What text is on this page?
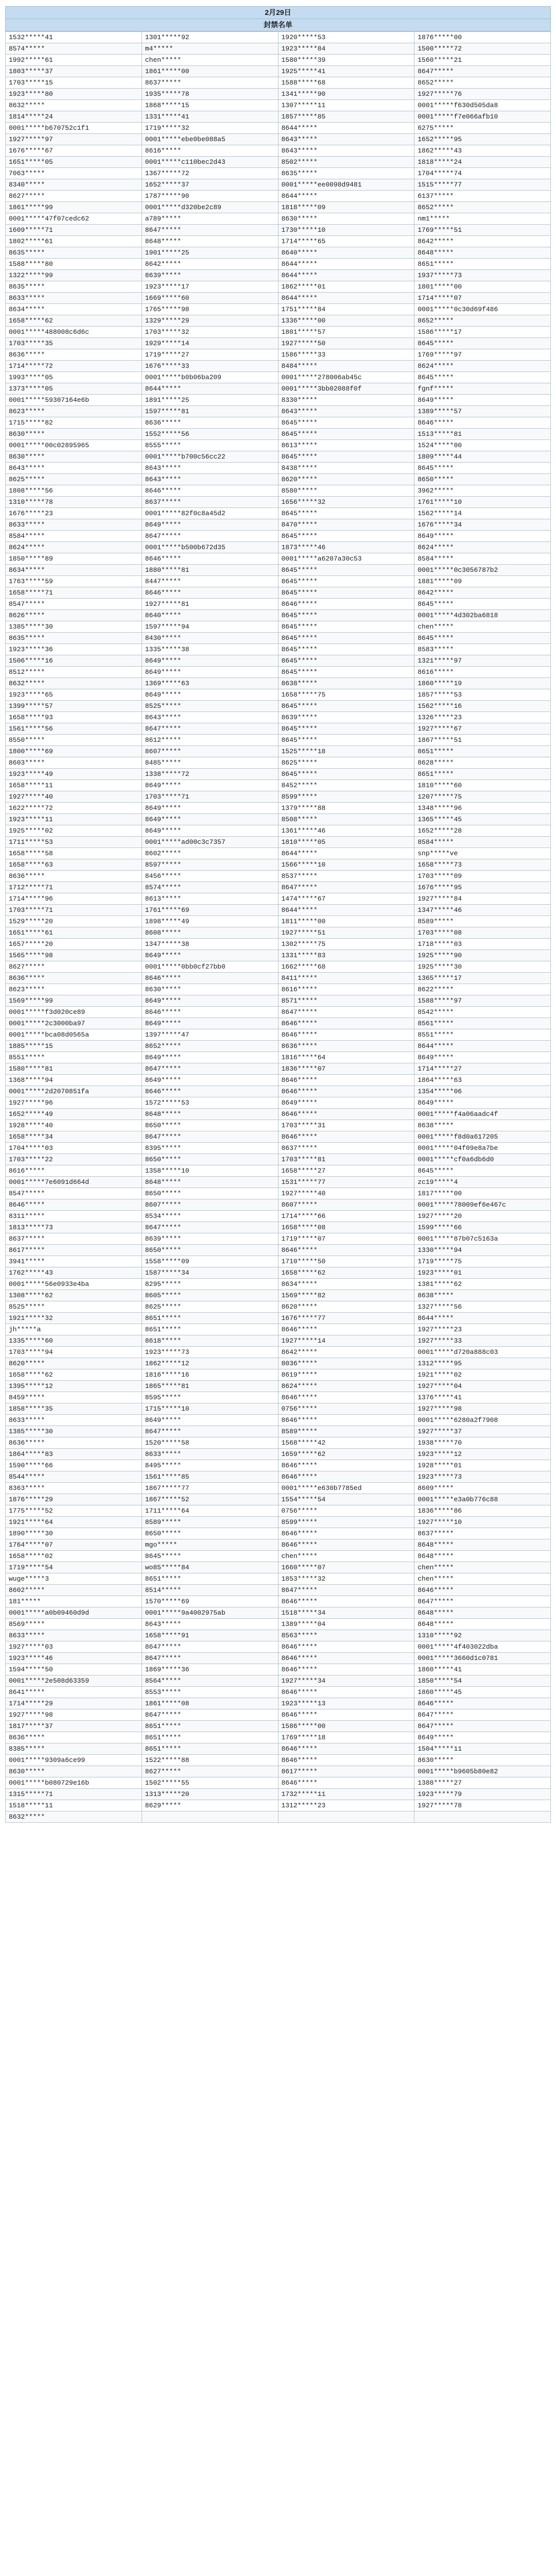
2月29日
封禁名单
1532*****41	1301*****92	1920*****53	1876*****00
8574*****	m4*****	1923*****84	1500*****72
1992*****61	chen*****	1580*****39	1560*****21
1803*****37	1861*****00	1925*****41	8647*****
1703*****15	8637*****	1588*****68	8652*****
1923*****80	1935*****78	1341*****90	1927*****76
8632*****	1868*****15	1307*****11	0001*****f630d505da8
1814*****24	1331*****41	1857*****85	0001*****f7e066afb10
0001*****b670752c1f1	1719*****32	8644*****	6275*****
1927*****97	0001*****ebe0be088a5	8643*****	1652*****95
1676*****67	8616*****	8643*****	1862*****43
1651*****05	0001*****c110bec2d43	8502*****	1818*****24
7063*****	1367*****72	8635*****	1704*****74
8340*****	1652*****37	0001*****ee0098d9481	1515*****77
8627*****	1787*****90	8644*****	6137*****
1861*****99	0001*****d320be2c89	1818*****09	8652*****
0001*****47f07cedc62	a789*****	8630*****	nm1*****
1609*****71	8647*****	1730*****10	1769*****51
1802*****61	8648*****	1714*****65	8642*****
8635*****	1901*****25	8640*****	8648*****
1588*****80	8642*****	8644*****	8651*****
1322*****99	8639*****	8644*****	1937*****73
8635*****	1923*****17	1862*****01	1801*****00
8633*****	1669*****60	8644*****	1714*****07
8634*****	1765*****98	1751*****84	0001*****0c30d69f486
1658*****62	1329*****29	1336*****00	8652*****
0001*****488008c6d6c	1703*****32	1801*****57	1586*****17
1703*****35	1929*****14	1927*****50	8645*****
8636*****	1719*****27	1586*****33	1769*****97
1714*****72	1676*****33	8484*****	8624*****
1993*****05	0001*****b0b06ba209	0001*****278006ab45c	8645*****
1373*****05	8644*****	0001*****3bb02088f0f	fgnf*****
0001*****59307164e6b	1891*****25	8330*****	8649*****
8623*****	1597*****81	8643*****	1389*****57
1715*****82	8636*****	8645*****	8646*****
8630*****	1552*****56	8645*****	1513*****81
0001*****00c02895965	8555*****	8613*****	1524*****00
8630*****	0001*****b700c56cc22	8645*****	1809*****44
8643*****	8643*****	8438*****	8645*****
8625*****	8643*****	8620*****	8650*****
1808*****56	8646*****	8580*****	3962*****
1310*****78	8637*****	1656*****32	1761*****10
1676*****23	0001*****82f0c8a45d2	8645*****	1562*****14
8633*****	8649*****	8470*****	1676*****34
8584*****	8647*****	8645*****	8649*****
8624*****	0001*****b500b672d35	1873*****46	8624*****
1850*****89	8646*****	0001*****a6207a30c53	8584*****
8634*****	1880*****81	8645*****	0001*****0c3056787b2
1763*****59	8447*****	8645*****	1881*****09
1658*****71	8646*****	8645*****	8642*****
8547*****	1927*****81	8646*****	8645*****
8626*****	8640*****	8645*****	0001*****4d302ba6818
1385*****30	1597*****94	8645*****	chen*****
8635*****	8430*****	8645*****	8645*****
1923*****36	1335*****38	8645*****	8583*****
1506*****16	8649*****	8645*****	1321*****97
8512*****	8649*****	8645*****	8616*****
8632*****	1369*****63	8638*****	1860*****19
1923*****65	8649*****	1658*****75	1857*****53
1399*****57	8525*****	8645*****	1562*****16
1658*****93	8643*****	8639*****	1326*****23
1561*****56	8647*****	8645*****	1927*****67
8550*****	8612*****	8645*****	1867*****51
1800*****69	8607*****	1525*****18	8651*****
8603*****	8485*****	8625*****	8628*****
1923*****49	1338*****72	8645*****	8651*****
1658*****11	8649*****	8452*****	1810*****60
1927*****40	1703*****71	8599*****	1207*****75
1622*****72	8649*****	1379*****88	1348*****96
1923*****11	8649*****	8508*****	1365*****45
1925*****02	8649*****	1361*****46	1652*****28
1711*****53	0001*****ad00c3c7357	1810*****05	8584*****
1658*****58	8602*****	8644*****	snp*****ve
1658*****63	8597*****	1566*****10	1658*****73
8636*****	8456*****	8537*****	1703*****09
1712*****71	8574*****	8647*****	1676*****95
1714*****96	8613*****	1474*****67	1927*****84
1703*****71	1761*****69	8644*****	1347*****46
1529*****20	1898*****49	1811*****00	8589*****
1651*****61	8608*****	1927*****51	1703*****08
1657*****20	1347*****38	1302*****75	1718*****03
1565*****98	8649*****	1331*****83	1925*****90
8627*****	0001*****0bb0cf27bb0	1662*****68	1925*****30
8636*****	8646*****	8411*****	1365*****17
8623*****	8630*****	8616*****	8622*****
1569*****99	8649*****	8571*****	1588*****97
0001*****f3d020ce89	8646*****	8647*****	8542*****
0001*****2c3000ba97	8649*****	8646*****	8561*****
0001*****bca08d0565a	1397*****47	8646*****	8551*****
1885*****15	8652*****	8636*****	8644*****
8551*****	8649*****	1816*****64	8649*****
1580*****81	8647*****	1836*****07	1714*****27
1368*****94	8649*****	8646*****	1864*****63
0001*****2d2070851fa	8646*****	8646*****	1354*****06
1927*****96	1572*****53	8649*****	8649*****
1652*****49	8648*****	8646*****	0001*****f4a06aadc4f
1928*****40	8650*****	1703*****31	8638*****
1658*****34	8647*****	8646*****	0001*****f8d0a617205
1704*****03	8395*****	8637*****	0001*****04f09e8a7be
1703*****22	8650*****	1703*****81	0001*****cf0a6db6d0
8616*****	1358*****10	1658*****27	8645*****
0001*****7e6091d664d	8648*****	1531*****77	zc19*****4
8547*****	8650*****	1927*****40	1817*****00
8646*****	8607*****	8607*****	0001*****78009ef6e467c
8311*****	8534*****	1714*****66	1927*****20
1813*****73	8647*****	1658*****08	1599*****66
8637*****	8639*****	1719*****07	0001*****87b07c5163a
8617*****	8650*****	8646*****	1330*****94
3941*****	1558*****09	1710*****50	1719*****75
1762*****43	1587*****34	1658*****62	1923*****01
0001*****56e0933e4ba	8295*****	8634*****	1381*****62
1308*****62	8605*****	1569*****82	8638*****
8525*****	8625*****	8620*****	1327*****56
1921*****32	8651*****	1676*****77	8644*****
jh*****a	8651*****	8646*****	1927*****23
1335*****60	8618*****	1927*****14	1927*****33
1703*****94	1923*****73	8642*****	0001*****d720a888c03
8620*****	1862*****12	8036*****	1312*****95
1658*****62	1816*****16	8619*****	1921*****02
1395*****12	1865*****81	8624*****	1927*****04
8459*****	8595*****	8646*****	1376*****41
1858*****35	1715*****10	0756*****	1927*****98
8633*****	8649*****	8646*****	0001*****6280a2f7908
1385*****30	8647*****	8589*****	1927*****37
8636*****	1520*****58	1568*****42	1938*****70
1864*****83	8633*****	1659*****62	1923*****12
1590*****66	8495*****	8646*****	1928*****01
8544*****	1561*****85	8646*****	1923*****73
8363*****	1867*****77	0001*****e630b7785ed	8609*****
1876*****29	1867*****52	1554*****54	0001*****e3a0b776c88
1775*****52	1711*****64	0756*****	1836*****86
1921*****64	8589*****	8599*****	1927*****10
1890*****30	8650*****	8646*****	8637*****
1764*****07	mgo*****	8646*****	8648*****
1658*****02	8645*****	chen*****	8648*****
1719*****54	wo85*****84	1660*****07	chen*****
wuge*****3	8651*****	1853*****32	chen*****
8602*****	8514*****	8647*****	8646*****
181*****	1570*****69	8646*****	8647*****
0001*****a0b09460d9d	0001*****9a4002975ab	1518*****34	8648*****
8569*****	8643*****	1389*****04	8648*****
8633*****	1658*****91	8563*****	1310*****92
1927*****03	8647*****	8646*****	0001*****4f403022dba
1923*****46	8647*****	8646*****	0001*****3660d1c0781
1594*****50	1869*****36	8646*****	1860*****41
0001*****2e508d63359	8564*****	1927*****34	1850*****54
8641*****	8553*****	8646*****	1860*****45
1714*****29	1861*****08	1923*****13	8646*****
1927*****98	8647*****	8646*****	8647*****
1817*****37	8651*****	1586*****00	8647*****
8636*****	8651*****	1769*****18	8649*****
8385*****	8651*****	8646*****	1504*****11
0001*****9309a6ce99	1522*****88	8646*****	8630*****
8630*****	8627*****	8617*****	0001*****b9605b80e82
0001*****b080729e16b	1502*****55	8646*****	1388*****27
1315*****71	1313*****20	1732*****11	1923*****79
1518*****11	8629*****	1312*****23	1927*****78
8632*****			
